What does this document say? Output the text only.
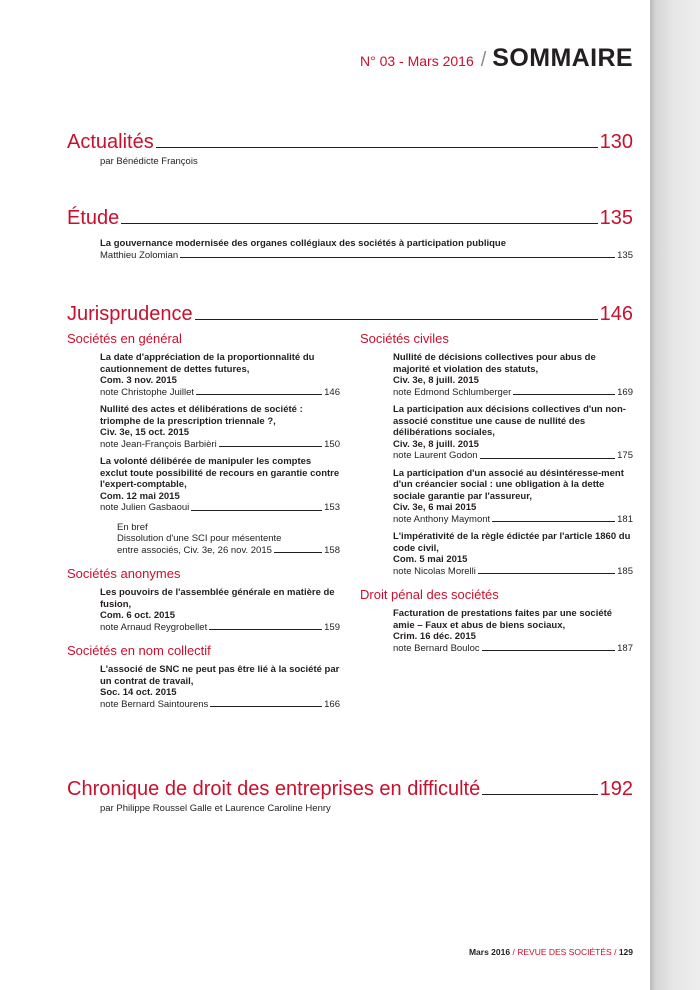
N° 03 - Mars 2016 / SOMMAIRE
Actualités	130
par Bénédicte François
Étude	135
La gouvernance modernisée des organes collégiaux des sociétés à participation publique
Matthieu Zolomian	135
Jurisprudence	146
Sociétés en général
La date d'appréciation de la proportionnalité du cautionnement de dettes futures,
Com. 3 nov. 2015
note Christophe Juillet	146
Nullité des actes et délibérations de société : triomphe de la prescription triennale ?,
Civ. 3e, 15 oct. 2015
note Jean-François Barbièri	150
La volonté délibérée de manipuler les comptes exclut toute possibilité de recours en garantie contre l'expert-comptable,
Com. 12 mai 2015
note Julien Gasbaoui	153
En bref
Dissolution d'une SCI pour mésentente
entre associés, Civ. 3e, 26 nov. 2015	158
Sociétés anonymes
Les pouvoirs de l'assemblée générale en matière de fusion,
Com. 6 oct. 2015
note Arnaud Reygrobellet	159
Sociétés en nom collectif
L'associé de SNC ne peut pas être lié à la société par un contrat de travail,
Soc. 14 oct. 2015
note Bernard Saintourens	166
Sociétés civiles
Nullité de décisions collectives pour abus de majorité et violation des statuts,
Civ. 3e, 8 juill. 2015
note Edmond Schlumberger	169
La participation aux décisions collectives d'un non-associé constitue une cause de nullité des délibérations sociales,
Civ. 3e, 8 juill. 2015
note Laurent Godon	175
La participation d'un associé au désintéresse-ment d'un créancier social : une obligation à la dette sociale garantie par l'assureur,
Civ. 3e, 6 mai 2015
note Anthony Maymont	181
L'impérativité de la règle édictée par l'article 1860 du code civil,
Com. 5 mai 2015
note Nicolas Morelli	185
Droit pénal des sociétés
Facturation de prestations faites par une société amie – Faux et abus de biens sociaux,
Crim. 16 déc. 2015
note Bernard Bouloc	187
Chronique de droit des entreprises en difficulté	192
par Philippe Roussel Galle et Laurence Caroline Henry
Mars 2016 / REVUE DES SOCIÉTÉS / 129
